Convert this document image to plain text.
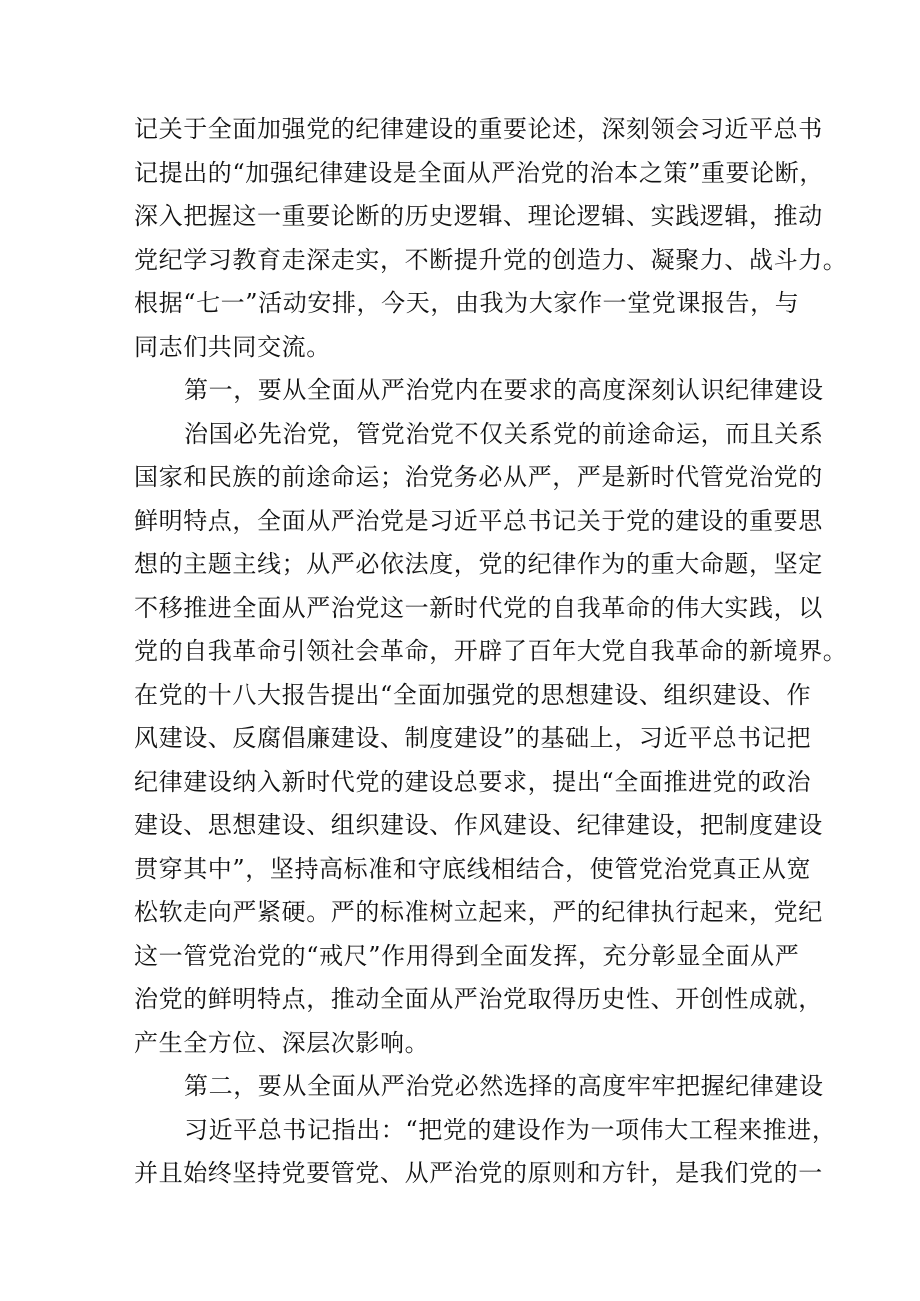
记关于全面加强党的纪律建设的重要论述，深刻领会习近平总书
记提出的“加强纪律建设是全面从严治党的治本之策”重要论断，
深入把握这一重要论断的历史逻辑、理论逻辑、实践逻辑，推动
党纪学习教育走深走实，不断提升党的创造力、凝聚力、战斗力。
根据“七一”活动安排，今天，由我为大家作一堂党课报告，与
同志们共同交流。
第一，要从全面从严治党内在要求的高度深刻认识纪律建设
治国必先治党，管党治党不仅关系党的前途命运，而且关系
国家和民族的前途命运；治党务必从严，严是新时代管党治党的
鲜明特点，全面从严治党是习近平总书记关于党的建设的重要思
想的主题主线；从严必依法度，党的纪律作为的重大命题，坚定
不移推进全面从严治党这一新时代党的自我革命的伟大实践，以
党的自我革命引领社会革命，开辟了百年大党自我革命的新境界。
在党的十八大报告提出“全面加强党的思想建设、组织建设、作
风建设、反腐倡廉建设、制度建设”的基础上，习近平总书记把
纪律建设纳入新时代党的建设总要求，提出“全面推进党的政治
建设、思想建设、组织建设、作风建设、纪律建设，把制度建设
贯穿其中”，坚持高标准和守底线相结合，使管党治党真正从宽
松软走向严紧硬。严的标准树立起来，严的纪律执行起来，党纪
这一管党治党的“戒尺”作用得到全面发挥，充分彰显全面从严
治党的鲜明特点，推动全面从严治党取得历史性、开创性成就，
产生全方位、深层次影响。
第二，要从全面从严治党必然选择的高度牢牢把握纪律建设
习近平总书记指出：“把党的建设作为一项伟大工程来推进，
并且始终坚持党要管党、从严治党的原则和方针，是我们党的一
